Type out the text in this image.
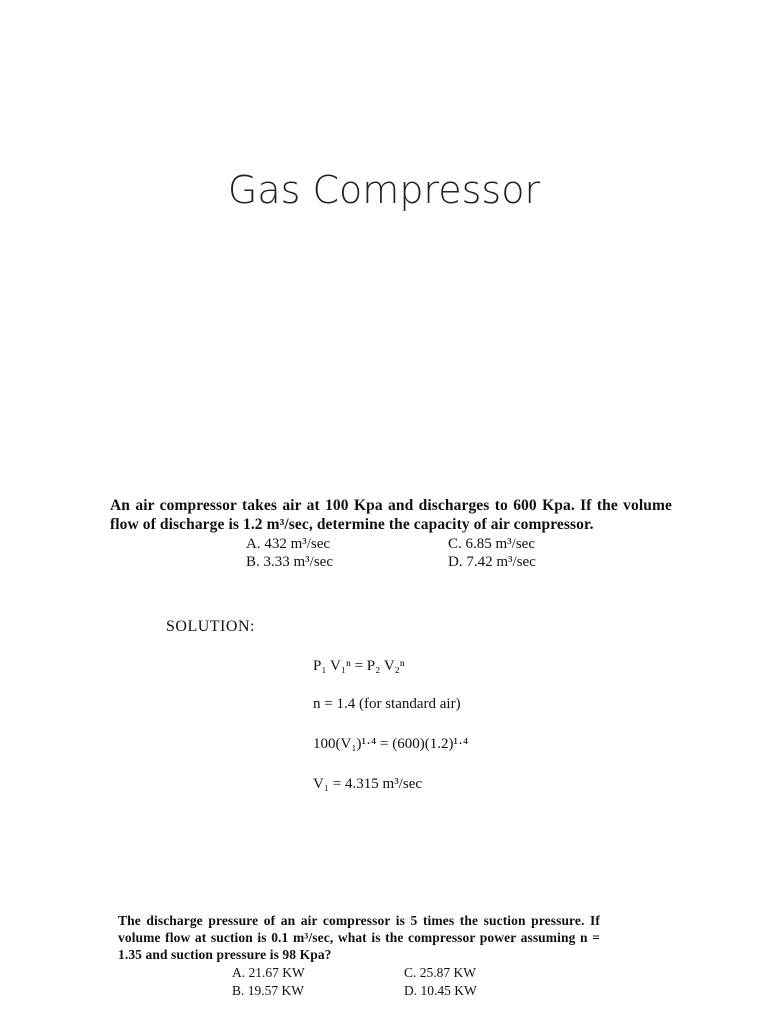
Gas Compressor
An air compressor takes air at 100 Kpa and discharges to 600 Kpa. If the volume flow of discharge is 1.2 m³/sec, determine the capacity of air compressor.
A. 432 m³/sec
B. 3.33 m³/sec
C. 6.85 m³/sec
D. 7.42 m³/sec
SOLUTION:
P₁ V₁ⁿ = P₂ V₂ⁿ
n = 1.4 (for standard air)
100(V₁)¹·⁴ = (600)(1.2)¹·⁴
V₁ = 4.315 m³/sec
The discharge pressure of an air compressor is 5 times the suction pressure. If volume flow at suction is 0.1 m³/sec, what is the compressor power assuming n = 1.35 and suction pressure is 98 Kpa?
A. 21.67 KW
B. 19.57 KW
C. 25.87 KW
D. 10.45 KW
